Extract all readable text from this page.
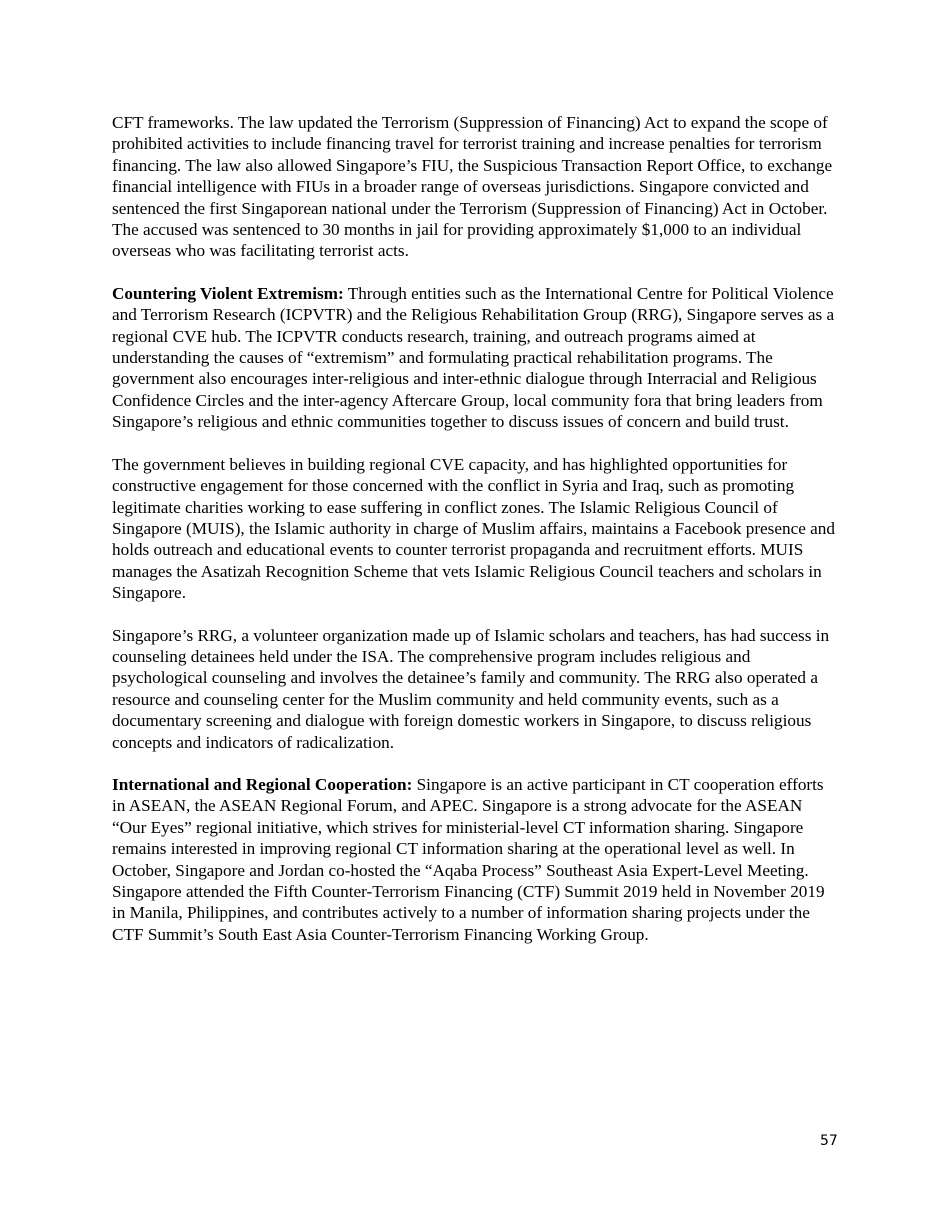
CFT frameworks. The law updated the Terrorism (Suppression of Financing) Act to expand the scope of prohibited activities to include financing travel for terrorist training and increase penalties for terrorism financing. The law also allowed Singapore’s FIU, the Suspicious Transaction Report Office, to exchange financial intelligence with FIUs in a broader range of overseas jurisdictions. Singapore convicted and sentenced the first Singaporean national under the Terrorism (Suppression of Financing) Act in October. The accused was sentenced to 30 months in jail for providing approximately $1,000 to an individual overseas who was facilitating terrorist acts.

Countering Violent Extremism: Through entities such as the International Centre for Political Violence and Terrorism Research (ICPVTR) and the Religious Rehabilitation Group (RRG), Singapore serves as a regional CVE hub. The ICPVTR conducts research, training, and outreach programs aimed at understanding the causes of “extremism” and formulating practical rehabilitation programs. The government also encourages inter-religious and inter-ethnic dialogue through Interracial and Religious Confidence Circles and the inter-agency Aftercare Group, local community fora that bring leaders from Singapore’s religious and ethnic communities together to discuss issues of concern and build trust.

The government believes in building regional CVE capacity, and has highlighted opportunities for constructive engagement for those concerned with the conflict in Syria and Iraq, such as promoting legitimate charities working to ease suffering in conflict zones. The Islamic Religious Council of Singapore (MUIS), the Islamic authority in charge of Muslim affairs, maintains a Facebook presence and holds outreach and educational events to counter terrorist propaganda and recruitment efforts. MUIS manages the Asatizah Recognition Scheme that vets Islamic Religious Council teachers and scholars in Singapore.

Singapore’s RRG, a volunteer organization made up of Islamic scholars and teachers, has had success in counseling detainees held under the ISA. The comprehensive program includes religious and psychological counseling and involves the detainee’s family and community. The RRG also operated a resource and counseling center for the Muslim community and held community events, such as a documentary screening and dialogue with foreign domestic workers in Singapore, to discuss religious concepts and indicators of radicalization.

International and Regional Cooperation: Singapore is an active participant in CT cooperation efforts in ASEAN, the ASEAN Regional Forum, and APEC. Singapore is a strong advocate for the ASEAN “Our Eyes” regional initiative, which strives for ministerial-level CT information sharing. Singapore remains interested in improving regional CT information sharing at the operational level as well. In October, Singapore and Jordan co-hosted the “Aqaba Process” Southeast Asia Expert-Level Meeting. Singapore attended the Fifth Counter-Terrorism Financing (CTF) Summit 2019 held in November 2019 in Manila, Philippines, and contributes actively to a number of information sharing projects under the CTF Summit’s South East Asia Counter-Terrorism Financing Working Group.

57
